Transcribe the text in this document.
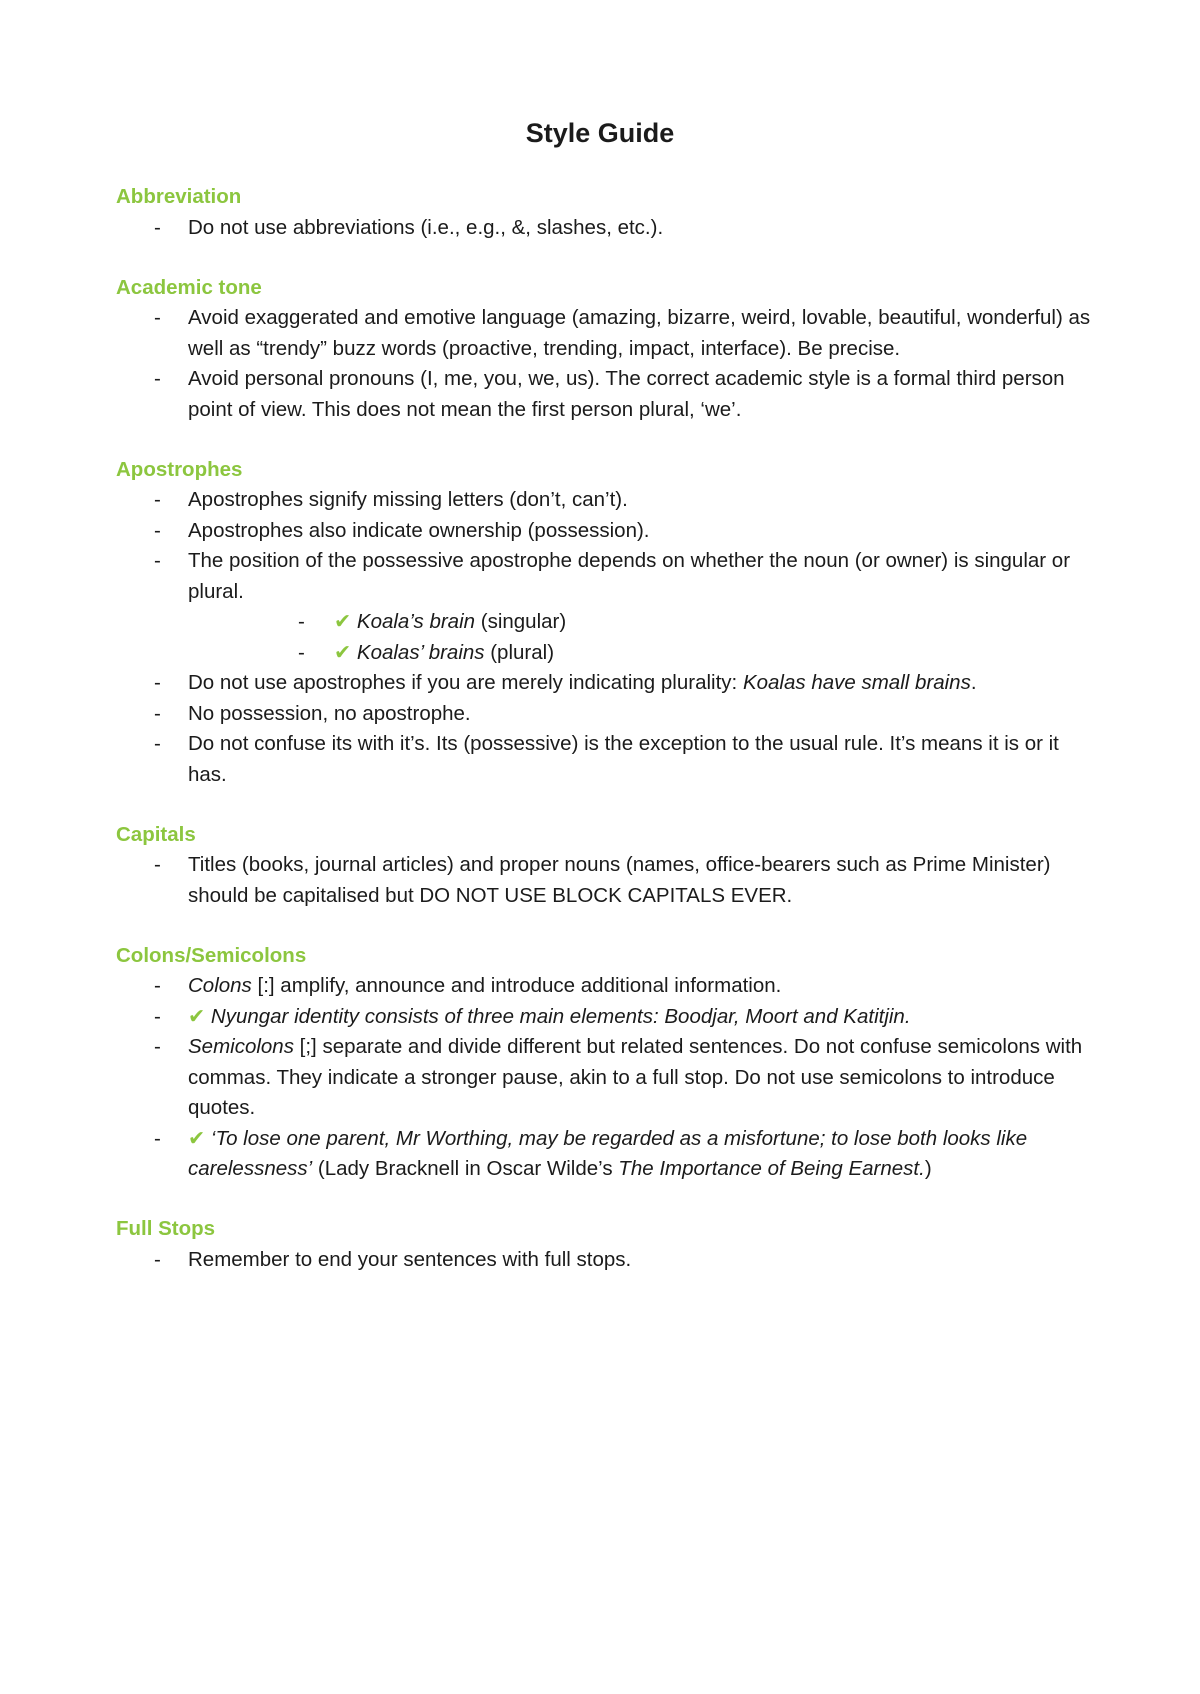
Style Guide
Abbreviation
- Do not use abbreviations (i.e., e.g., &, slashes, etc.).
Academic tone
- Avoid exaggerated and emotive language (amazing, bizarre, weird, lovable, beautiful, wonderful) as well as “trendy” buzz words (proactive, trending, impact, interface). Be precise.
- Avoid personal pronouns (I, me, you, we, us). The correct academic style is a formal third person point of view. This does not mean the first person plural, ‘we’.
Apostrophes
- Apostrophes signify missing letters (don’t, can’t).
- Apostrophes also indicate ownership (possession).
- The position of the possessive apostrophe depends on whether the noun (or owner) is singular or plural.
- ✔ Koala’s brain (singular)
- ✔ Koalas’ brains (plural)
- Do not use apostrophes if you are merely indicating plurality: Koalas have small brains.
- No possession, no apostrophe.
- Do not confuse its with it’s. Its (possessive) is the exception to the usual rule. It’s means it is or it has.
Capitals
- Titles (books, journal articles) and proper nouns (names, office-bearers such as Prime Minister) should be capitalised but DO NOT USE BLOCK CAPITALS EVER.
Colons/Semicolons
- Colons [:] amplify, announce and introduce additional information.
- ✔ Nyungar identity consists of three main elements: Boodjar, Moort and Katitjin.
- Semicolons [;] separate and divide different but related sentences. Do not confuse semicolons with commas. They indicate a stronger pause, akin to a full stop. Do not use semicolons to introduce quotes.
- ✔ ‘To lose one parent, Mr Worthing, may be regarded as a misfortune; to lose both looks like carelessness’ (Lady Bracknell in Oscar Wilde’s The Importance of Being Earnest.)
Full Stops
- Remember to end your sentences with full stops.
